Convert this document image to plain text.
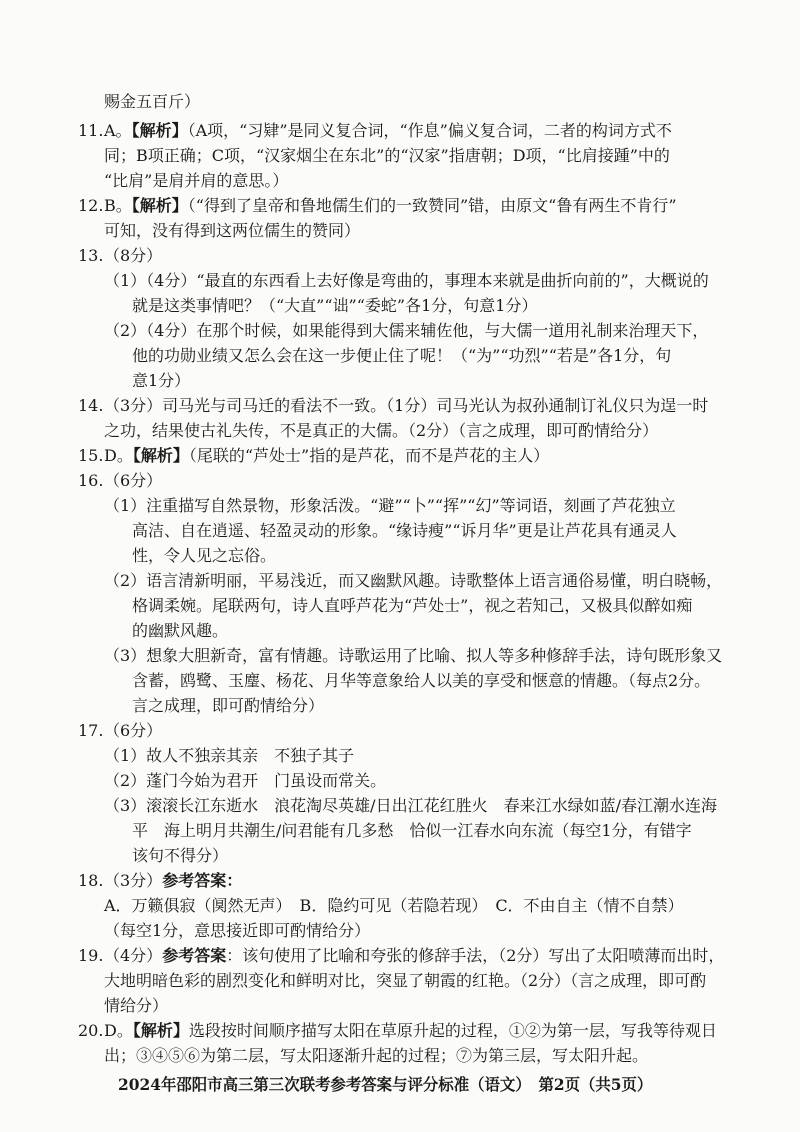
赐金五百斤）
11. A。【解析】（A项，“习肄”是同义复合词，“作息”偏义复合词，二者的构词方式不
同；B项正确；C项，“汉家烟尘在东北”的“汉家”指唐朝；D项，“比肩接踵”中的
“比肩”是肩并肩的意思。）
12. B。【解析】（“得到了皇帝和鲁地儒生们的一致赞同”错，由原文“鲁有两生不肯行”
可知，没有得到这两位儒生的赞同）
13. （8分）
（1）（4分）“最直的东西看上去好像是弯曲的，事理本来就是曲折向前的”，大概说的
就是这类事情吧？（“大直”“诎”“委蛇”各1分，句意1分）
（2）（4分）在那个时候，如果能得到大儒来辅佐他，与大儒一道用礼制来治理天下，
他的功勋业绩又怎么会在这一步便止住了呢！（“为”“功烈”“若是”各1分，句
意1分）
14. （3分）司马光与司马迁的看法不一致。（1分）司马光认为叔孙通制订礼仪只为逞一时
之功，结果使古礼失传，不是真正的大儒。（2分）（言之成理，即可酌情给分）
15. D。【解析】（尾联的“芦处士”指的是芦花，而不是芦花的主人）
16. （6分）
（1）注重描写自然景物，形象活泼。“避”“卜”“挥”“幻”等词语，刻画了芦花独立
高洁、自在逍遥、轻盈灵动的形象。“缘诗瘦”“诉月华”更是让芦花具有通灵人
性，令人见之忘俗。
（2）语言清新明丽，平易浅近，而又幽默风趣。诗歌整体上语言通俗易懂，明白晓畅，
格调柔婉。尾联两句，诗人直呼芦花为“芦处士”，视之若知己，又极具似醉如痴
的幽默风趣。
（3）想象大胆新奇，富有情趣。诗歌运用了比喻、拟人等多种修辞手法，诗句既形象又
含蓄，鸥鹭、玉麈、杨花、月华等意象给人以美的享受和惬意的情趣。（每点2分。
言之成理，即可酌情给分）
17. （6分）
（1）故人不独亲其亲　不独子其子
（2）蓬门今始为君开　门虽设而常关。
（3）滚滚长江东逝水　浪花淘尽英雄/日出江花红胜火　春来江水绿如蓝/春江潮水连海
平　海上明月共潮生/问君能有几多愁　恰似一江春水向东流（每空1分，有错字
该句不得分）
18. （3分）参考答案：
A．万籁俱寂（阒然无声）　B．隐约可见（若隐若现）　C．不由自主（情不自禁）
（每空1分，意思接近即可酌情给分）
19. （4分）参考答案：该句使用了比喻和夸张的修辞手法，（2分）写出了太阳喷薄而出时，
大地明暗色彩的剧烈变化和鲜明对比，突显了朝霞的红艳。（2分）（言之成理，即可酌
情给分）
20. D。【解析】选段按时间顺序描写太阳在草原升起的过程，①②为第一层，写我等待观日
出；③④⑤⑥为第二层，写太阳逐渐升起的过程；⑦为第三层，写太阳升起。
2024年邵阳市高三第三次联考参考答案与评分标准（语文）　第2页（共5页）
